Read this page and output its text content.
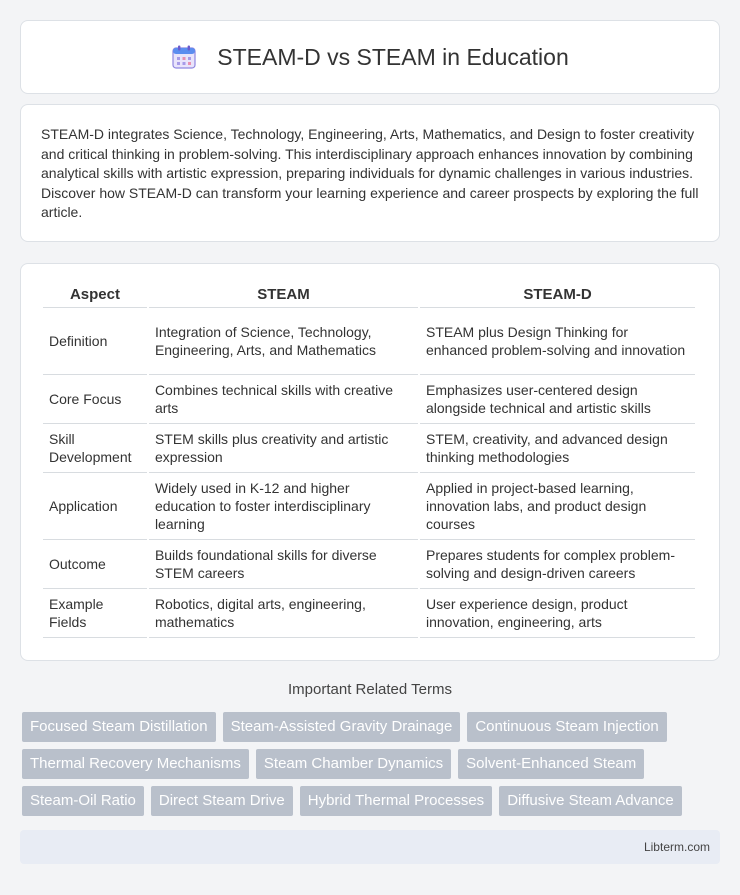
STEAM-D vs STEAM in Education

STEAM-D integrates Science, Technology, Engineering, Arts, Mathematics, and Design to foster creativity and critical thinking in problem-solving. This interdisciplinary approach enhances innovation by combining analytical skills with artistic expression, preparing individuals for dynamic challenges in various industries. Discover how STEAM-D can transform your learning experience and career prospects by exploring the full article.

Aspect	STEAM	STEAM-D
Definition	Integration of Science, Technology, Engineering, Arts, and Mathematics	STEAM plus Design Thinking for enhanced problem-solving and innovation
Core Focus	Combines technical skills with creative arts	Emphasizes user-centered design alongside technical and artistic skills
Skill Development	STEM skills plus creativity and artistic expression	STEM, creativity, and advanced design thinking methodologies
Application	Widely used in K-12 and higher education to foster interdisciplinary learning	Applied in project-based learning, innovation labs, and product design courses
Outcome	Builds foundational skills for diverse STEM careers	Prepares students for complex problem-solving and design-driven careers
Example Fields	Robotics, digital arts, engineering, mathematics	User experience design, product innovation, engineering, arts
Important Related Terms
Focused Steam Distillation	Steam-Assisted Gravity Drainage	Continuous Steam Injection
Thermal Recovery Mechanisms	Steam Chamber Dynamics	Solvent-Enhanced Steam
Steam-Oil Ratio	Direct Steam Drive	Hybrid Thermal Processes	Diffusive Steam Advance
Libterm.com
